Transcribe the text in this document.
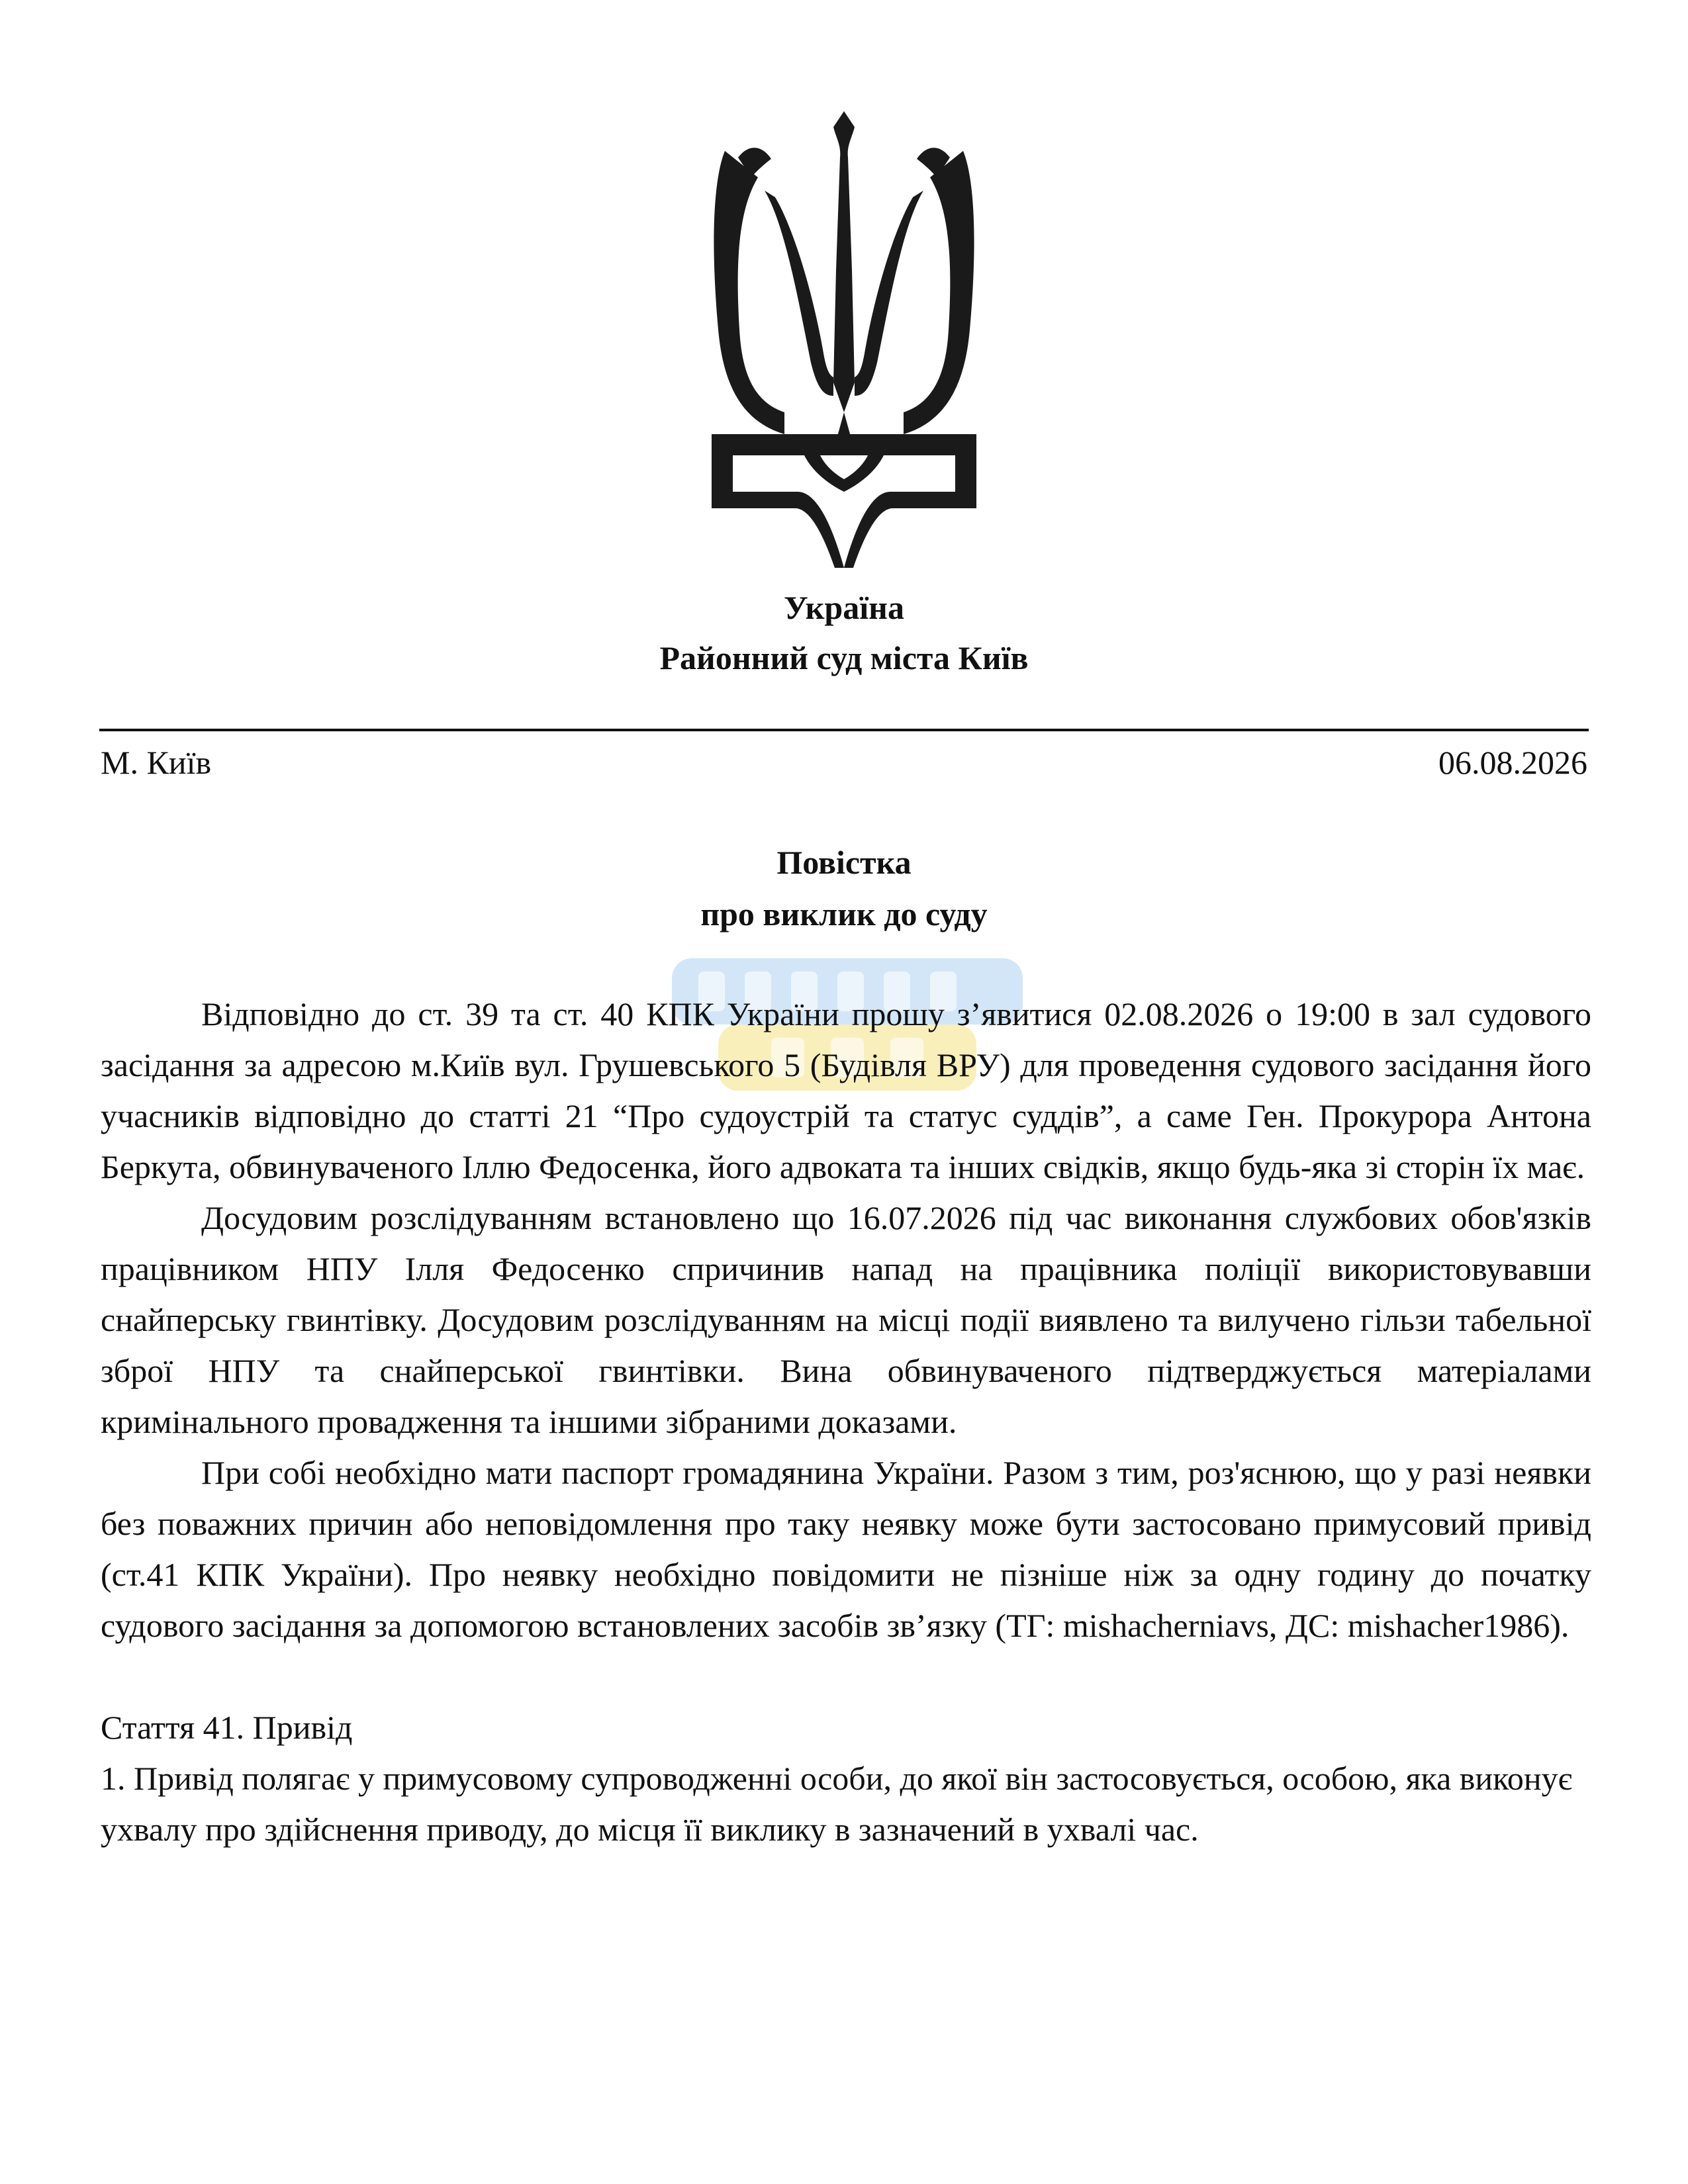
Україна
Районний суд міста Київ
М. Київ	06.08.2026
Повістка
про виклик до суду

Відповідно до ст. 39 та ст. 40 КПК України прошу з’явитися 02.08.2026 о 19:00 в зал судового засідання за адресою м.Київ вул. Грушевського 5 (Будівля ВРУ) для проведення судового засідання його учасників відповідно до статті 21 “Про судоустрій та статус суддів”, а саме Ген. Прокурора Антона Беркута, обвинуваченого Іллю Федосенка, його адвоката та інших свідків, якщо будь-яка зі сторін їх має.

Досудовим розслідуванням встановлено що 16.07.2026 під час виконання службових обов'язків працівником НПУ Ілля Федосенко спричинив напад на працівника поліції використовувавши снайперську гвинтівку. Досудовим розслідуванням на місці події виявлено та вилучено гільзи табельної зброї НПУ та снайперської гвинтівки. Вина обвинуваченого підтверджується матеріалами кримінального провадження та іншими зібраними доказами.

При собі необхідно мати паспорт громадянина України. Разом з тим, роз'яснюю, що у разі неявки без поважних причин або неповідомлення про таку неявку може бути застосовано примусовий привід (ст.41 КПК України). Про неявку необхідно повідомити не пізніше ніж за одну годину до початку судового засідання за допомогою встановлених засобів зв’язку (ТГ: mishacherniavs, ДС: mishacher1986).

Стаття 41. Привід

1. Привід полягає у примусовому супроводженні особи, до якої він застосовується, особою, яка виконує ухвалу про здійснення приводу, до місця її виклику в зазначений в ухвалі час.
